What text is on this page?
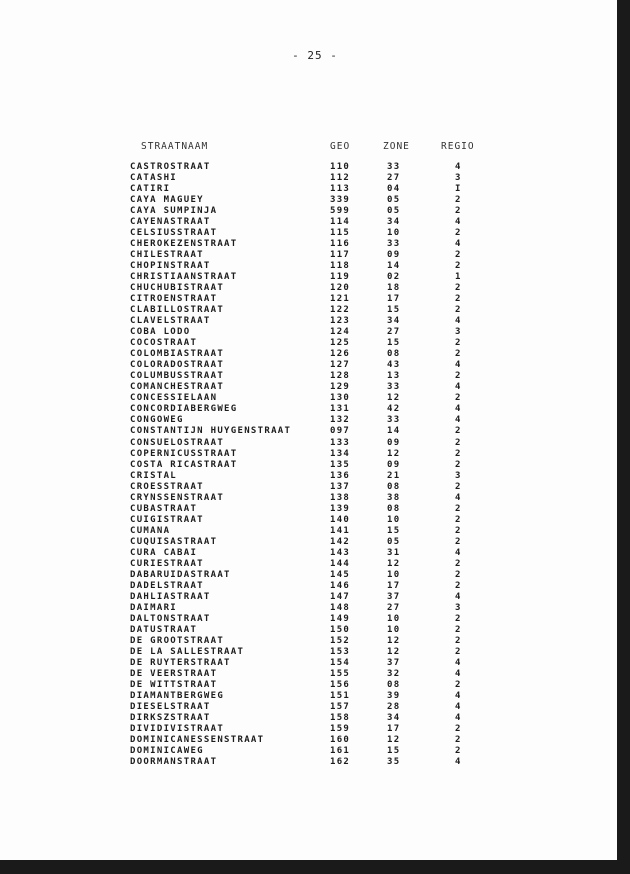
- 25 -
STRAATNAAM	GEO	ZONE	REGIO
CASTROSTRAAT	110	33	4
CATASHI	112	27	3
CATIRI	113	04	I
CAYA MAGUEY	339	05	2
CAYA SUMPINJA	599	05	2
CAYENASTRAAT	114	34	4
CELSIUSSTRAAT	115	10	2
CHEROKEZENSTRAAT	116	33	4
CHILESTRAAT	117	09	2
CHOPINSTRAAT	118	14	2
CHRISTIAANSTRAAT	119	02	1
CHUCHUBISTRAAT	120	18	2
CITROENSTRAAT	121	17	2
CLABILLOSTRAAT	122	15	2
CLAVELSTRAAT	123	34	4
COBA LODO	124	27	3
COCOSTRAAT	125	15	2
COLOMBIASTRAAT	126	08	2
COLORADOSTRAAT	127	43	4
COLUMBUSSTRAAT	128	13	2
COMANCHESTRAAT	129	33	4
CONCESSIELAAN	130	12	2
CONCORDIABERGWEG	131	42	4
CONGOWEG	132	33	4
CONSTANTIJN HUYGENSTRAAT	097	14	2
CONSUELOSTRAAT	133	09	2
COPERNICUSSTRAAT	134	12	2
COSTA RICASTRAAT	135	09	2
CRISTAL	136	21	3
CROESSTRAAT	137	08	2
CRYNSSENSTRAAT	138	38	4
CUBASTRAAT	139	08	2
CUIGISTRAAT	140	10	2
CUMANA	141	15	2
CUQUISASTRAAT	142	05	2
CURA CABAI	143	31	4
CURIESTRAAT	144	12	2
DABARUIDASTRAAT	145	10	2
DADELSTRAAT	146	17	2
DAHLIASTRAAT	147	37	4
DAIMARI	148	27	3
DALTONSTRAAT	149	10	2
DATUSTRAAT	150	10	2
DE GROOTSTRAAT	152	12	2
DE LA SALLESTRAAT	153	12	2
DE RUYTERSTRAAT	154	37	4
DE VEERSTRAAT	155	32	4
DE WITTSTRAAT	156	08	2
DIAMANTBERGWEG	151	39	4
DIESELSTRAAT	157	28	4
DIRKSZSTRAAT	158	34	4
DIVIDIVISTRAAT	159	17	2
DOMINICANESSENSTRAAT	160	12	2
DOMINICAWEG	161	15	2
DOORMANSTRAAT	162	35	4
